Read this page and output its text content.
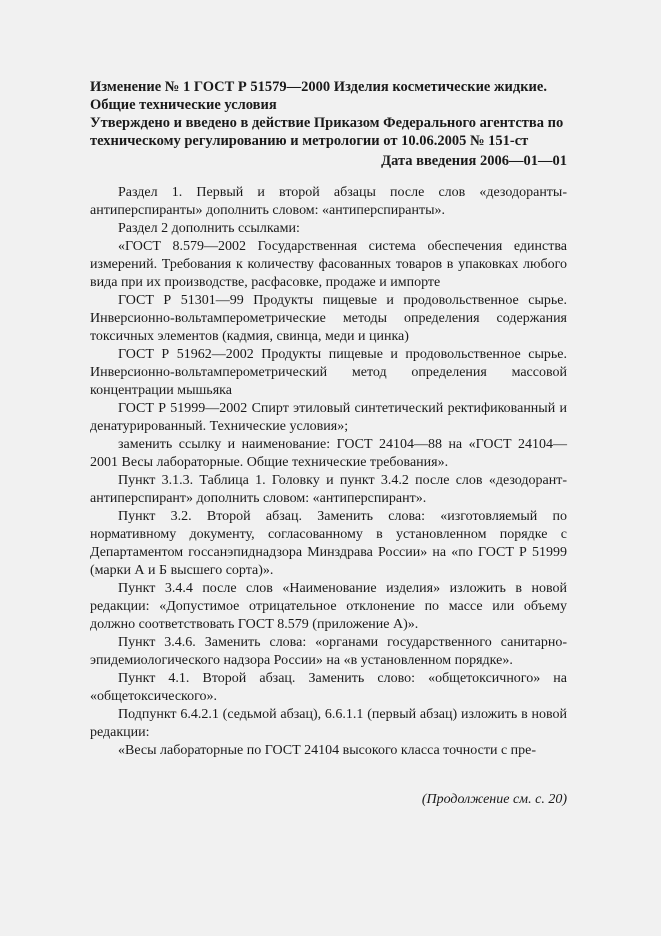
Изменение № 1 ГОСТ Р 51579—2000 Изделия косметические жидкие.
Общие технические условия

Утверждено и введено в действие Приказом Федерального агентства по
техническому регулированию и метрологии от 10.06.2005 № 151-ст

Дата введения 2006—01—01

Раздел 1. Первый и второй абзацы после слов «дезодоранты-антиперспиранты» дополнить словом: «антиперспиранты».

Раздел 2 дополнить ссылками:

«ГОСТ 8.579—2002 Государственная система обеспечения единства измерений. Требования к количеству фасованных товаров в упаковках любого вида при их производстве, расфасовке, продаже и импорте

ГОСТ Р 51301—99 Продукты пищевые и продовольственное сырье. Инверсионно-вольтамперометрические методы определения содержания токсичных элементов (кадмия, свинца, меди и цинка)

ГОСТ Р 51962—2002 Продукты пищевые и продовольственное сырье. Инверсионно-вольтамперометрический метод определения массовой концентрации мышьяка

ГОСТ Р 51999—2002 Спирт этиловый синтетический ректификованный и денатурированный. Технические условия»;

заменить ссылку и наименование: ГОСТ 24104—88 на «ГОСТ 24104—2001 Весы лабораторные. Общие технические требования».

Пункт 3.1.3. Таблица 1. Головку и пункт 3.4.2 после слов «дезодорант-антиперспирант» дополнить словом: «антиперспирант».

Пункт 3.2. Второй абзац. Заменить слова: «изготовляемый по нормативному документу, согласованному в установленном порядке с Департаментом госсанэпиднадзора Минздрава России» на «по ГОСТ Р 51999 (марки А и Б высшего сорта)».

Пункт 3.4.4 после слов «Наименование изделия» изложить в новой редакции: «Допустимое отрицательное отклонение по массе или объему должно соответствовать ГОСТ 8.579 (приложение А)».

Пункт 3.4.6. Заменить слова: «органами государственного санитарно-эпидемиологического надзора России» на «в установленном порядке».

Пункт 4.1. Второй абзац. Заменить слово: «общетоксичного» на «общетоксического».

Подпункт 6.4.2.1 (седьмой абзац), 6.6.1.1 (первый абзац) изложить в новой редакции:

«Весы лабораторные по ГОСТ 24104 высокого класса точности с пре-

(Продолжение см. с. 20)
